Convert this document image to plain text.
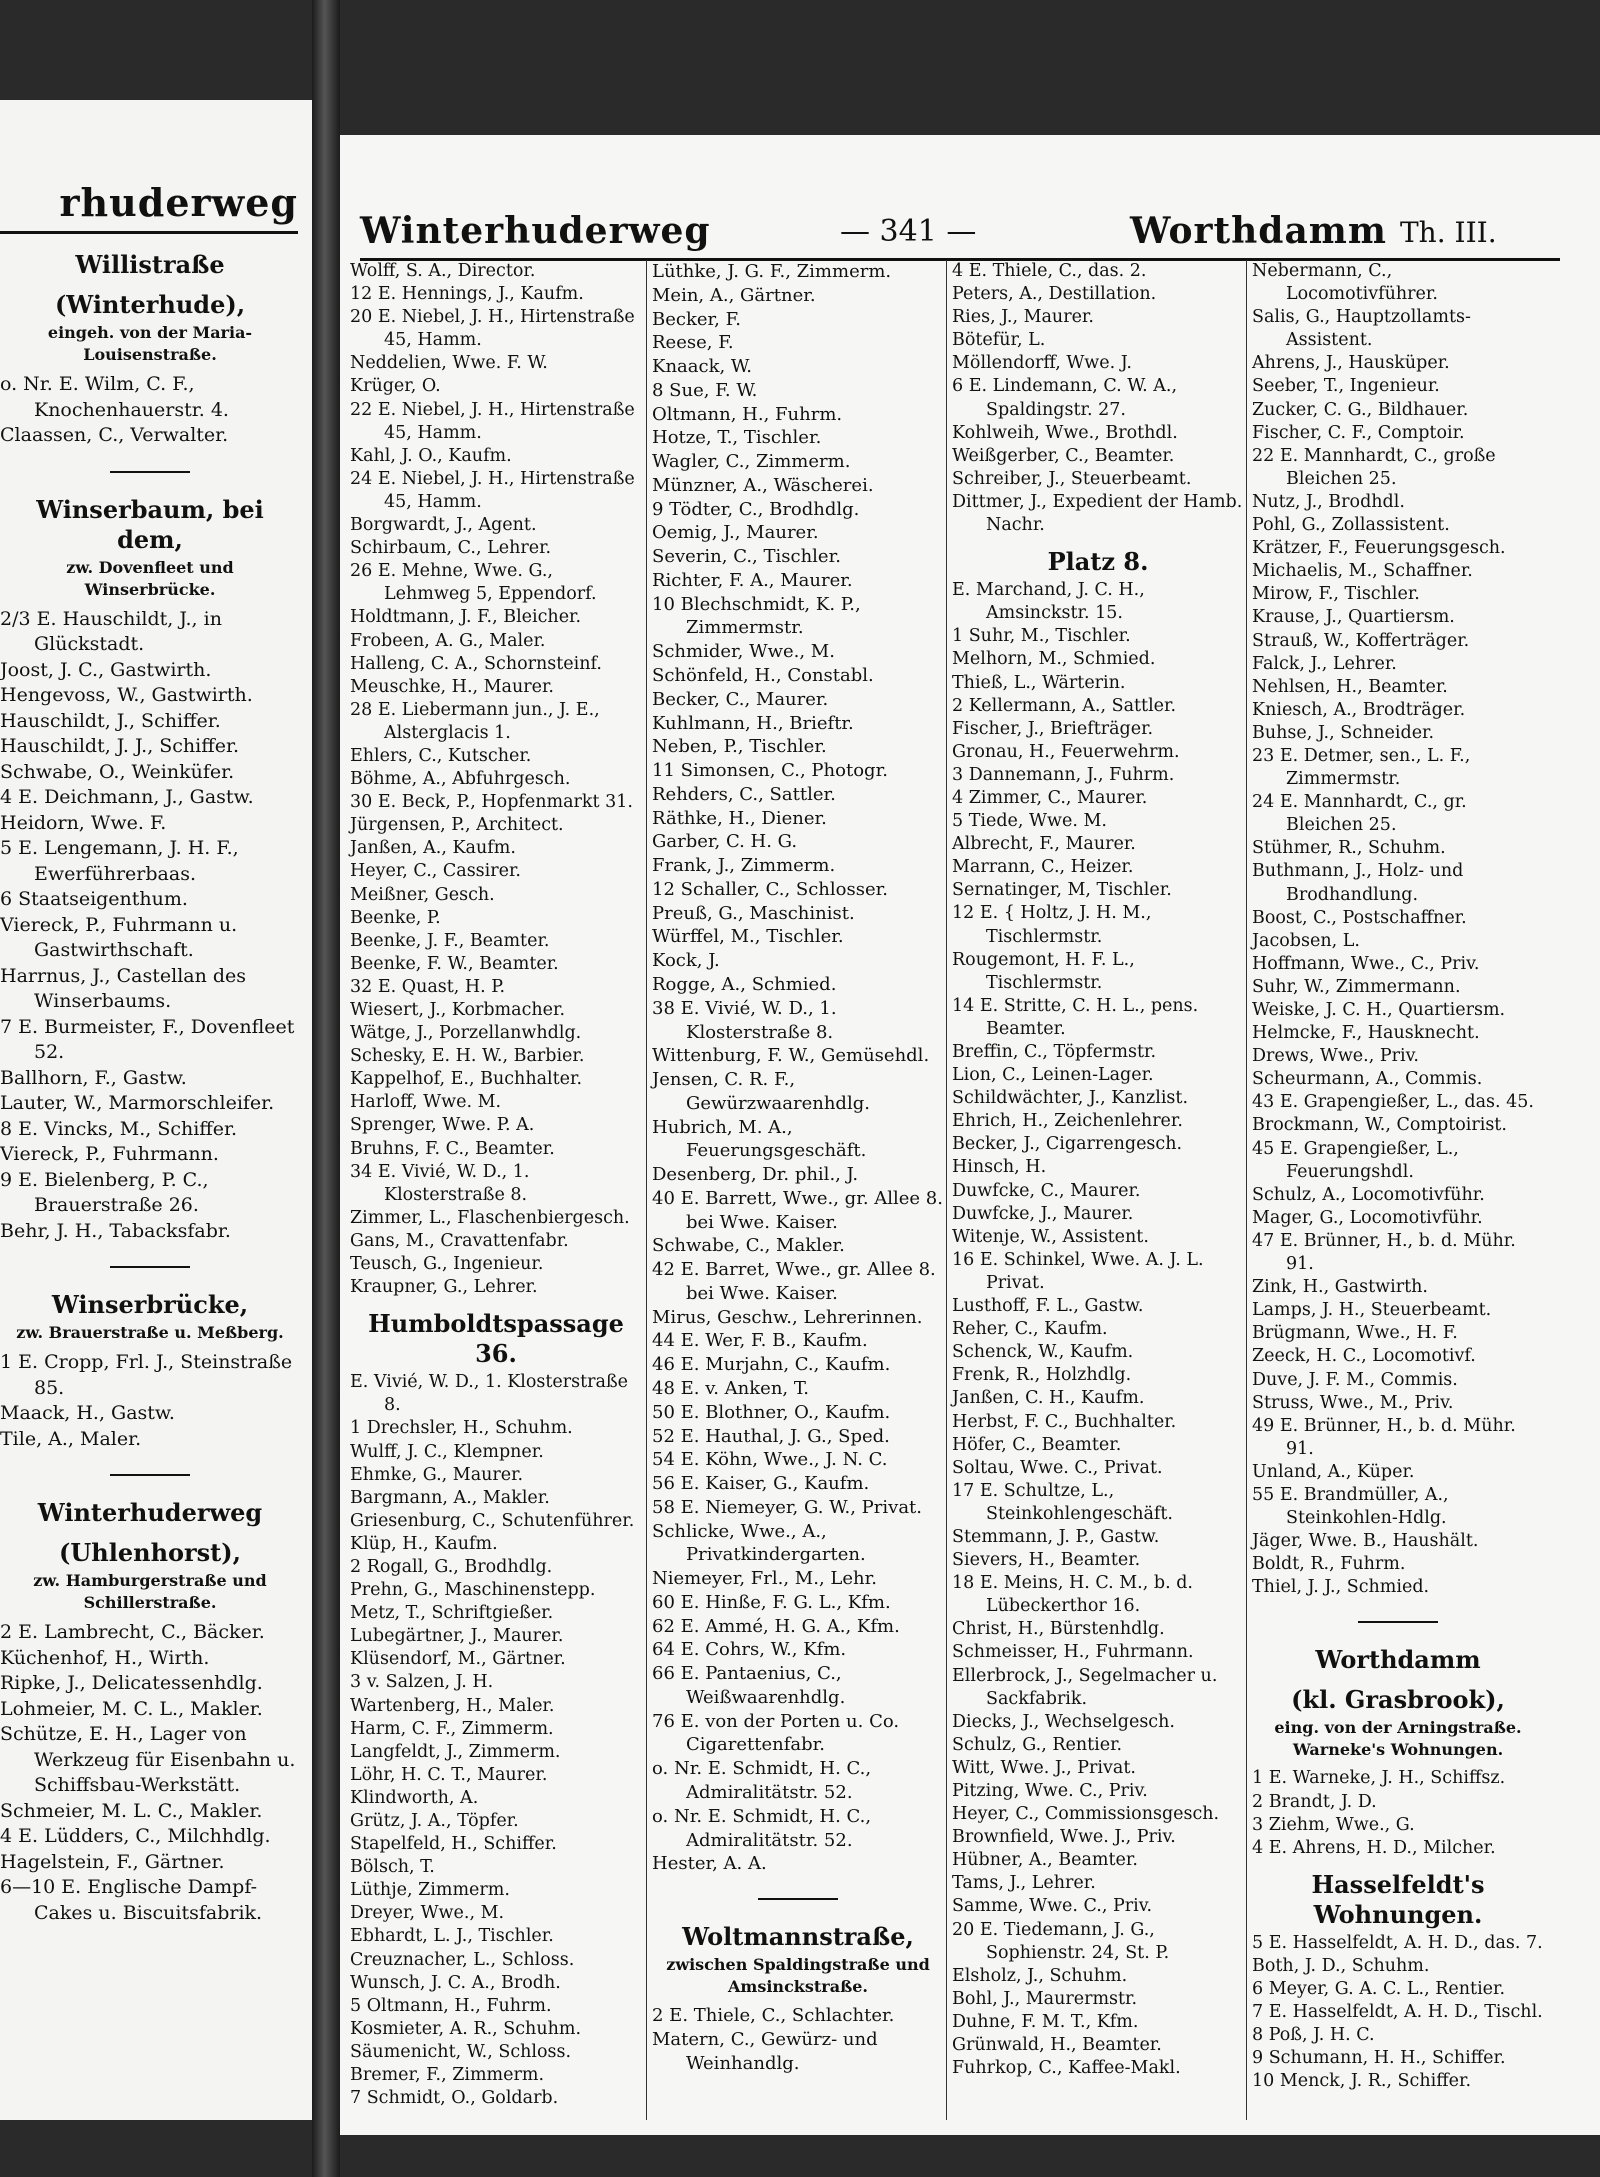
rhuderweg
Willistraße
(Winterhude),
eingeh. von der Maria-Louisenstraße.
o. Nr. E. Wilm, C. F., Knochenhauerstr. 4.
Claassen, C., Verwalter.
Winserbaum, bei dem,
zw. Dovenfleet und Winserbrücke.
2/3 E. Hauschildt, J., in Glückstadt.
Joost, J. C., Gastwirth.
Hengevoss, W., Gastwirth.
Hauschildt, J., Schiffer.
Hauschildt, J. J., Schiffer.
Schwabe, O., Weinküfer.
4 E. Deichmann, J., Gastw.
Heidorn, Wwe. F.
5 E. Lengemann, J. H. F., Ewerführerbaas.
6 Staatseigenthum.
Viereck, P., Fuhrmann u. Gastwirthschaft.
Harrnus, J., Castellan des Winserbaums.
7 E. Burmeister, F., Dovenfleet 52.
Ballhorn, F., Gastw.
Lauter, W., Marmorschleifer.
8 E. Vincks, M., Schiffer.
Viereck, P., Fuhrmann.
9 E. Bielenberg, P. C., Brauerstraße 26.
Behr, J. H., Tabacksfabr.
Winserbrücke,
zw. Brauerstraße u. Meßberg.
1 E. Cropp, Frl. J., Steinstraße 85.
Maack, H., Gastw.
Tile, A., Maler.
Winterhuderweg
(Uhlenhorst),
zw. Hamburgerstraße und Schillerstraße.
2 E. Lambrecht, C., Bäcker.
Küchenhof, H., Wirth.
Ripke, J., Delicatessenhdlg.
Lohmeier, M. C. L., Makler.
Schütze, E. H., Lager von Werkzeug für Eisenbahn u. Schiffsbau-Werkstätt.
Schmeier, M. L. C., Makler.
4 E. Lüdders, C., Milchhdlg.
Hagelstein, F., Gärtner.
6—10 E. Englische Dampf-Cakes u. Biscuitsfabrik.
Winterhuderweg	— 341 —	Worthdamm Th. III.
Wolff, S. A., Director.
12 E. Hennings, J., Kaufm.
20 E. Niebel, J. H., Hirtenstraße 45, Hamm.
Neddelien, Wwe. F. W.
Krüger, O.
22 E. Niebel, J. H., Hirtenstraße 45, Hamm.
Kahl, J. O., Kaufm.
24 E. Niebel, J. H., Hirtenstraße 45, Hamm.
Borgwardt, J., Agent.
Schirbaum, C., Lehrer.
26 E. Mehne, Wwe. G., Lehmweg 5, Eppendorf.
Holdtmann, J. F., Bleicher.
Frobeen, A. G., Maler.
Halleng, C. A., Schornsteinf.
Meuschke, H., Maurer.
28 E. Liebermann jun., J. E., Alsterglacis 1.
Ehlers, C., Kutscher.
Böhme, A., Abfuhrgesch.
30 E. Beck, P., Hopfenmarkt 31.
Jürgensen, P., Architect.
Janßen, A., Kaufm.
Heyer, C., Cassirer.
Meißner, Gesch.
Beenke, P.
Beenke, J. F., Beamter.
Beenke, F. W., Beamter.
32 E. Quast, H. P.
Wiesert, J., Korbmacher.
Wätge, J., Porzellanwhdlg.
Schesky, E. H. W., Barbier.
Kappelhof, E., Buchhalter.
Harloff, Wwe. M.
Sprenger, Wwe. P. A.
Bruhns, F. C., Beamter.
34 E. Vivié, W. D., 1. Klosterstraße 8.
Zimmer, L., Flaschenbiergesch.
Gans, M., Cravattenfabr.
Teusch, G., Ingenieur.
Kraupner, G., Lehrer.
Humboldtspassage 36.
E. Vivié, W. D., 1. Klosterstraße 8.
1 Drechsler, H., Schuhm.
Wulff, J. C., Klempner.
Ehmke, G., Maurer.
Bargmann, A., Makler.
Griesenburg, C., Schutenführer.
Klüp, H., Kaufm.
2 Rogall, G., Brodhdlg.
Prehn, G., Maschinenstepp.
Metz, T., Schriftgießer.
Lubegärtner, J., Maurer.
Klüsendorf, M., Gärtner.
3 v. Salzen, J. H.
Wartenberg, H., Maler.
Harm, C. F., Zimmerm.
Langfeldt, J., Zimmerm.
Löhr, H. C. T., Maurer.
Klindworth, A.
Grütz, J. A., Töpfer.
Stapelfeld, H., Schiffer.
Bölsch, T.
Lüthje, Zimmerm.
Dreyer, Wwe., M.
Ebhardt, L. J., Tischler.
Creuznacher, L., Schloss.
Wunsch, J. C. A., Brodh.
5 Oltmann, H., Fuhrm.
Kosmieter, A. R., Schuhm.
Säumenicht, W., Schloss.
Bremer, F., Zimmerm.
7 Schmidt, O., Goldarb.
Lüthke, J. G. F., Zimmerm.
Mein, A., Gärtner.
Becker, F.
Reese, F.
Knaack, W.
8 Sue, F. W.
Oltmann, H., Fuhrm.
Hotze, T., Tischler.
Wagler, C., Zimmerm.
Münzner, A., Wäscherei.
9 Tödter, C., Brodhdlg.
Oemig, J., Maurer.
Severin, C., Tischler.
Richter, F. A., Maurer.
10 Blechschmidt, K. P., Zimmermstr.
Schmider, Wwe., M.
Schönfeld, H., Constabl.
Becker, C., Maurer.
Kuhlmann, H., Brieftr.
Neben, P., Tischler.
11 Simonsen, C., Photogr.
Rehders, C., Sattler.
Räthke, H., Diener.
Garber, C. H. G.
Frank, J., Zimmerm.
12 Schaller, C., Schlosser.
Preuß, G., Maschinist.
Würffel, M., Tischler.
Kock, J.
Rogge, A., Schmied.
38 E. Vivié, W. D., 1. Klosterstraße 8.
Wittenburg, F. W., Gemüsehdl.
Jensen, C. R. F., Gewürzwaarenhdlg.
Hubrich, M. A., Feuerungsgeschäft.
Desenberg, Dr. phil., J.
40 E. Barrett, Wwe., gr. Allee 8. bei Wwe. Kaiser.
Schwabe, C., Makler.
42 E. Barret, Wwe., gr. Allee 8. bei Wwe. Kaiser.
Mirus, Geschw., Lehrerinnen.
44 E. Wer, F. B., Kaufm.
46 E. Murjahn, C., Kaufm.
48 E. v. Anken, T.
50 E. Blothner, O., Kaufm.
52 E. Hauthal, J. G., Sped.
54 E. Köhn, Wwe., J. N. C.
56 E. Kaiser, G., Kaufm.
58 E. Niemeyer, G. W., Privat.
Schlicke, Wwe., A., Privatkindergarten.
Niemeyer, Frl., M., Lehr.
60 E. Hinße, F. G. L., Kfm.
62 E. Ammé, H. G. A., Kfm.
64 E. Cohrs, W., Kfm.
66 E. Pantaenius, C., Weißwaarenhdlg.
76 E. von der Porten u. Co. Cigarettenfabr.
o. Nr. E. Schmidt, H. C., Admiralitätstr. 52.
o. Nr. E. Schmidt, H. C., Admiralitätstr. 52.
Hester, A. A.
Woltmannstraße,
zwischen Spaldingstraße und Amsinckstraße.
2 E. Thiele, C., Schlachter.
Matern, C., Gewürz- und Weinhandlg.
4 E. Thiele, C., das. 2.
Peters, A., Destillation.
Ries, J., Maurer.
Bötefür, L.
Möllendorff, Wwe. J.
6 E. Lindemann, C. W. A., Spaldingstr. 27.
Kohlweih, Wwe., Brothdl.
Weißgerber, C., Beamter.
Schreiber, J., Steuerbeamt.
Dittmer, J., Expedient der Hamb. Nachr.
Platz 8.
E. Marchand, J. C. H., Amsinckstr. 15.
1 Suhr, M., Tischler.
Melhorn, M., Schmied.
Thieß, L., Wärterin.
2 Kellermann, A., Sattler.
Fischer, J., Briefträger.
Gronau, H., Feuerwehrm.
3 Dannemann, J., Fuhrm.
4 Zimmer, C., Maurer.
5 Tiede, Wwe. M.
Albrecht, F., Maurer.
Marrann, C., Heizer.
Sernatinger, M, Tischler.
12 E. { Holtz, J. H. M., Tischlermstr.
Rougemont, H. F. L., Tischlermstr.
14 E. Stritte, C. H. L., pens. Beamter.
Breffin, C., Töpfermstr.
Lion, C., Leinen-Lager.
Schildwächter, J., Kanzlist.
Ehrich, H., Zeichenlehrer.
Becker, J., Cigarrengesch.
Hinsch, H.
Duwfcke, C., Maurer.
Duwfcke, J., Maurer.
Witenje, W., Assistent.
16 E. Schinkel, Wwe. A. J. L. Privat.
Lusthoff, F. L., Gastw.
Reher, C., Kaufm.
Schenck, W., Kaufm.
Frenk, R., Holzhdlg.
Janßen, C. H., Kaufm.
Herbst, F. C., Buchhalter.
Höfer, C., Beamter.
Soltau, Wwe. C., Privat.
17 E. Schultze, L., Steinkohlengeschäft.
Stemmann, J. P., Gastw.
Sievers, H., Beamter.
18 E. Meins, H. C. M., b. d. Lübeckerthor 16.
Christ, H., Bürstenhdlg.
Schmeisser, H., Fuhrmann.
Ellerbrock, J., Segelmacher u. Sackfabrik.
Diecks, J., Wechselgesch.
Schulz, G., Rentier.
Witt, Wwe. J., Privat.
Pitzing, Wwe. C., Priv.
Heyer, C., Commissionsgesch.
Brownfield, Wwe. J., Priv.
Hübner, A., Beamter.
Tams, J., Lehrer.
Samme, Wwe. C., Priv.
20 E. Tiedemann, J. G., Sophienstr. 24, St. P.
Elsholz, J., Schuhm.
Bohl, J., Maurermstr.
Duhne, F. M. T., Kfm.
Grünwald, H., Beamter.
Fuhrkop, C., Kaffee-Makl.
Nebermann, C., Locomotivführer.
Salis, G., Hauptzollamts-Assistent.
Ahrens, J., Hausküper.
Seeber, T., Ingenieur.
Zucker, C. G., Bildhauer.
Fischer, C. F., Comptoir.
22 E. Mannhardt, C., große Bleichen 25.
Nutz, J., Brodhdl.
Pohl, G., Zollassistent.
Krätzer, F., Feuerungsgesch.
Michaelis, M., Schaffner.
Mirow, F., Tischler.
Krause, J., Quartiersm.
Strauß, W., Kofferträger.
Falck, J., Lehrer.
Nehlsen, H., Beamter.
Kniesch, A., Brodträger.
Buhse, J., Schneider.
23 E. Detmer, sen., L. F., Zimmermstr.
24 E. Mannhardt, C., gr. Bleichen 25.
Stühmer, R., Schuhm.
Buthmann, J., Holz- und Brodhandlung.
Boost, C., Postschaffner.
Jacobsen, L.
Hoffmann, Wwe., C., Priv.
Suhr, W., Zimmermann.
Weiske, J. C. H., Quartiersm.
Helmcke, F., Hausknecht.
Drews, Wwe., Priv.
Scheurmann, A., Commis.
43 E. Grapengießer, L., das. 45.
Brockmann, W., Comptoirist.
45 E. Grapengießer, L., Feuerungshdl.
Schulz, A., Locomotivführ.
Mager, G., Locomotivführ.
47 E. Brünner, H., b. d. Mühr. 91.
Zink, H., Gastwirth.
Lamps, J. H., Steuerbeamt.
Brügmann, Wwe., H. F.
Zeeck, H. C., Locomotivf.
Duve, J. F. M., Commis.
Struss, Wwe., M., Priv.
49 E. Brünner, H., b. d. Mühr. 91.
Unland, A., Küper.
55 E. Brandmüller, A., Steinkohlen-Hdlg.
Jäger, Wwe. B., Haushält.
Boldt, R., Fuhrm.
Thiel, J. J., Schmied.
Worthdamm
(kl. Grasbrook),
eing. von der Arningstraße. Warneke's Wohnungen.
1 E. Warneke, J. H., Schiffsz.
2 Brandt, J. D.
3 Ziehm, Wwe., G.
4 E. Ahrens, H. D., Milcher.
Hasselfeldt's Wohnungen.
5 E. Hasselfeldt, A. H. D., das. 7.
Both, J. D., Schuhm.
6 Meyer, G. A. C. L., Rentier.
7 E. Hasselfeldt, A. H. D., Tischl.
8 Poß, J. H. C.
9 Schumann, H. H., Schiffer.
10 Menck, J. R., Schiffer.
